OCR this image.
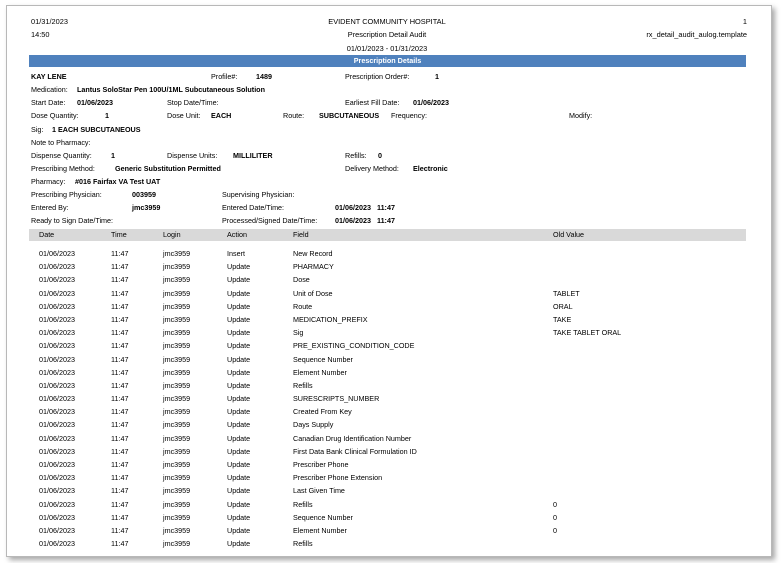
01/31/2023
14:50
EVIDENT COMMUNITY HOSPITAL
Prescription Detail Audit
01/01/2023 - 01/31/2023
1
rx_detail_audit_aulog.template
Prescription Details
KAY LENE	Profile#:	1489	Prescription Order#:	1
Medication: Lantus SoloStar Pen 100U/1ML Subcutaneous Solution
Start Date: 01/06/2023	Stop Date/Time:	Earliest Fill Date: 01/06/2023
Dose Quantity:	1	Dose Unit: EACH	Route: SUBCUTANEOUS Frequency:	Modify:
Sig: 1 EACH SUBCUTANEOUS
Note to Pharmacy:
Dispense Quantity:	1	Dispense Units: MILLILITER	Refills: 0
Prescribing Method:	Generic Substitution Permitted	Delivery Method: Electronic
Pharmacy: #016 Fairfax VA Test UAT
Prescribing Physician:	003959	Supervising Physician:
Entered By:	jmc3959	Entered Date/Time:	01/06/2023   11:47
Ready to Sign Date/Time:	Processed/Signed Date/Time: 01/06/2023   11:47
Date	Time	Login	Action	Field	Old Value
01/06/2023	11:47	jmc3959	Insert	New Record
01/06/2023	11:47	jmc3959	Update	PHARMACY
01/06/2023	11:47	jmc3959	Update	Dose
01/06/2023	11:47	jmc3959	Update	Unit of Dose	TABLET
01/06/2023	11:47	jmc3959	Update	Route	ORAL
01/06/2023	11:47	jmc3959	Update	MEDICATION_PREFIX	TAKE
01/06/2023	11:47	jmc3959	Update	Sig	TAKE TABLET ORAL
01/06/2023	11:47	jmc3959	Update	PRE_EXISTING_CONDITION_CODE
01/06/2023	11:47	jmc3959	Update	Sequence Number
01/06/2023	11:47	jmc3959	Update	Element Number
01/06/2023	11:47	jmc3959	Update	Refills
01/06/2023	11:47	jmc3959	Update	SURESCRIPTS_NUMBER
01/06/2023	11:47	jmc3959	Update	Created From Key
01/06/2023	11:47	jmc3959	Update	Days Supply
01/06/2023	11:47	jmc3959	Update	Canadian Drug Identification Number
01/06/2023	11:47	jmc3959	Update	First Data Bank Clinical Formulation ID
01/06/2023	11:47	jmc3959	Update	Prescriber Phone
01/06/2023	11:47	jmc3959	Update	Prescriber Phone Extension
01/06/2023	11:47	jmc3959	Update	Last Given Time
01/06/2023	11:47	jmc3959	Update	Refills	0
01/06/2023	11:47	jmc3959	Update	Sequence Number	0
01/06/2023	11:47	jmc3959	Update	Element Number	0
01/06/2023	11:47	jmc3959	Update	Refills
